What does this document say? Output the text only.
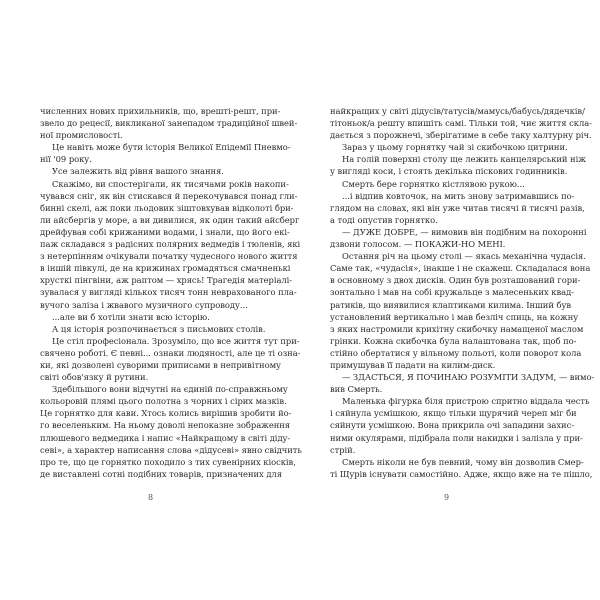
численних нових прихильників, що, врешті-решт, при-
звело до рецесії, викликаної занепадом традиційної швей-
ної промисловості.
Це навіть може бути історія Великої Епідемії Пневмо-
нії '09 року.
Усе залежить від рівня вашого знання.
Скажімо, ви спостерігали, як тисячами років накопи-
чувався сніг, як він стискався й перекочувався понад гли-
бинні скелі, аж поки льодовик зіштовхував відколоті бри-
ли айсбергів у море, а ви дивилися, як один такий айсберг
дрейфував собі крижаними водами, і знали, що його екі-
паж складався з радісних полярних ведмедів і тюленів, які
з нетерпінням очікували початку чудесного нового життя
в іншій півкулі, де на крижинах громадяться смачненькі
хрусткі пінгвіни, аж раптом — хрясь! Трагедія матеріалі-
зувалася у вигляді кількох тисяч тонн неврахованого пла-
вучого заліза і жвавого музичного супроводу...
...але ви б хотіли знати всю історію.
А ця історія розпочинається з письмових столів.
Це стіл професіонала. Зрозуміло, що все життя тут при-
свячено роботі. Є певні... ознаки людяності, але це ті озна-
ки, які дозволені суворими приписами в непривітному
світі обов'язку й рутини.
Здебільшого вони відчутні на єдиній по-справжньому
кольоровій плямі цього полотна з чорних і сірих мазків.
Це горнятко для кави. Хтось колись вирішив зробити йо-
го веселеньким. На ньому доволі непоказне зображення
плюшевого ведмедика і напис «Найкращому в світі діду-
севі», а характер написання слова «дідусеві» явно свідчить
про те, що це горнятко походило з тих сувенірних кіосків,
де виставлені сотні подібних товарів, призначених для
8
найкращих у світі дідусів/татусів/мамусь/бабусь/дядечків/
тітоньок/а решту впишіть самі. Тільки той, чиє життя скла-
дається з порожнечі, зберігатиме в себе таку халтурну річ.
Зараз у цьому горнятку чай зі скибочкою цитрини.
На голій поверхні столу ще лежить канцелярський ніж
у вигляді коси, і стоять декілька піскових годинників.
Смерть бере горнятко кістлявою рукою...
...і відпив ковточок, на мить знову затримавшись по-
глядом на словах, які він уже читав тисячі й тисячі разів,
а тоді опустив горнятко.
— ДУЖЕ ДОБРЕ, — вимовив він подібним на похоронні
дзвони голосом. — ПОКАЖИ-НО МЕНІ.
Остання річ на цьому столі — якась механічна чудасія.
Саме так, «чудасія», інакше і не скажеш. Складалася вона
в основному з двох дисків. Один був розташований гори-
зонтально і мав на собі кружальце з малесеньких квад-
ратиків, що виявилися клаптиками килима. Інший був
установлений вертикально і мав безліч спиць, на кожну
з яких настромили крихітну скибочку намащеної маслом
грінки. Кожна скибочка була налаштована так, щоб по-
стійно обертатися у вільному польоті, коли поворот кола
примушував її падати на килим-диск.
— ЗДАСТЬСЯ, Я ПОЧИНАЮ РОЗУМІТИ ЗАДУМ, — вимо-
вив Смерть.
Маленька фігурка біля пристрою спритно віддала честь
і сяйнула усмішкою, якщо тільки щурячий череп міг би
сяйнути усмішкою. Вона прикрила очі западини захис-
ними окулярами, підібрала поли накидки і залізла у при-
стрій.
Смерть ніколи не був певний, чому він дозволив Смер-
ті Щурів існувати самостійно. Адже, якщо вже на те пішло,
9
